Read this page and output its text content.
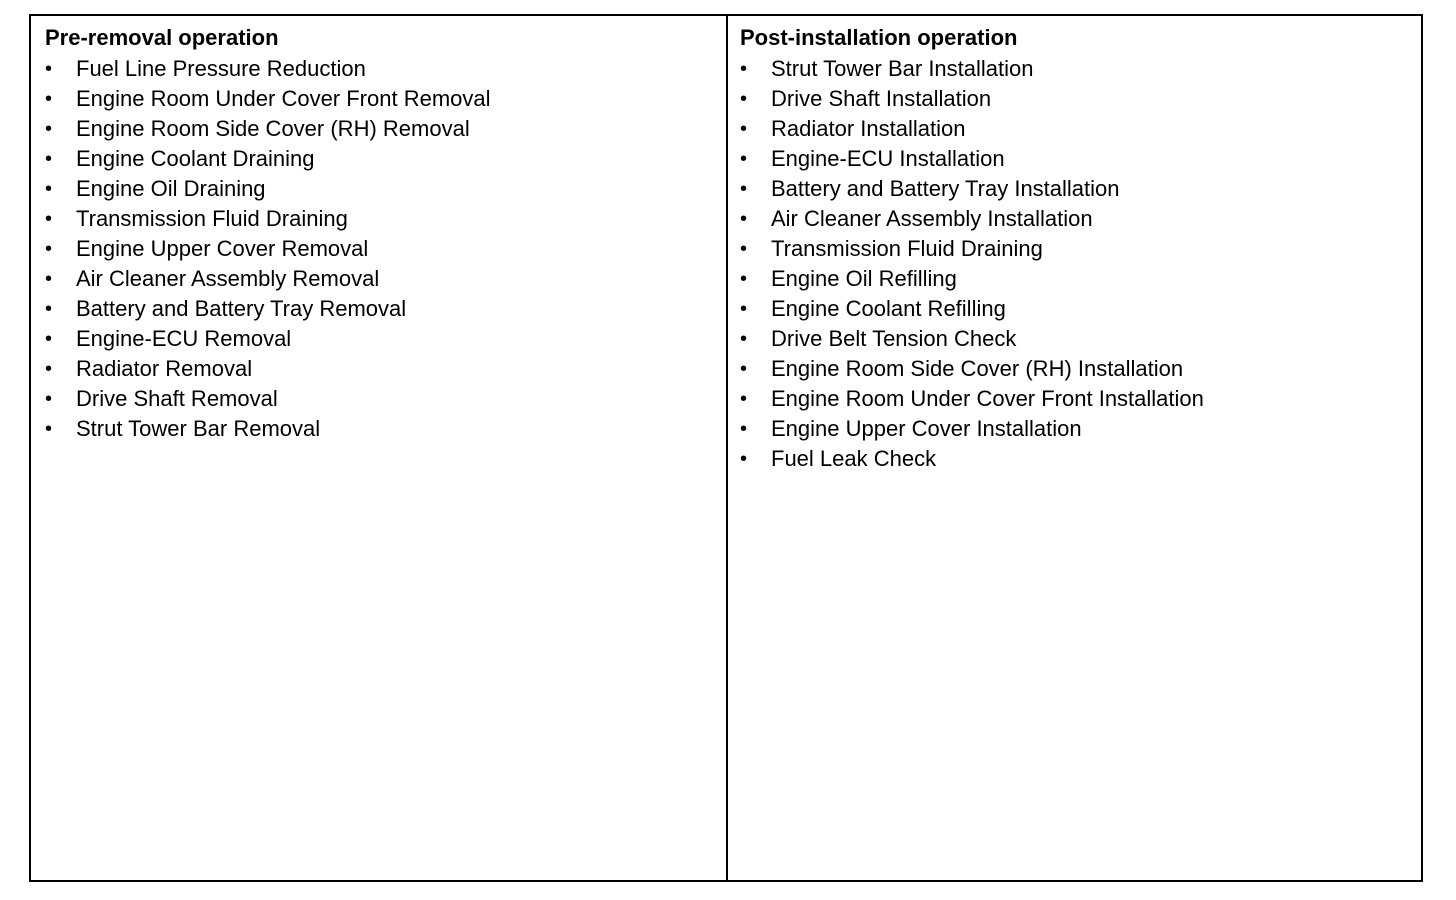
Pre-removal operation
•
Fuel Line Pressure Reduction
•
Engine Room Under Cover Front Removal
•
Engine Room Side Cover (RH) Removal
•
Engine Coolant Draining
•
Engine Oil Draining
•
Transmission Fluid Draining
•
Engine Upper Cover Removal
•
Air Cleaner Assembly Removal
•
Battery and Battery Tray Removal
•
Engine-ECU Removal
•
Radiator Removal
•
Drive Shaft Removal
•
Strut Tower Bar Removal
Post-installation operation
•
Strut Tower Bar Installation
•
Drive Shaft Installation
•
Radiator Installation
•
Engine-ECU Installation
•
Battery and Battery Tray Installation
•
Air Cleaner Assembly Installation
•
Transmission Fluid Draining
•
Engine Oil Refilling
•
Engine Coolant Refilling
•
Drive Belt Tension Check
•
Engine Room Side Cover (RH) Installation
•
Engine Room Under Cover Front Installation
•
Engine Upper Cover Installation
•
Fuel Leak Check
